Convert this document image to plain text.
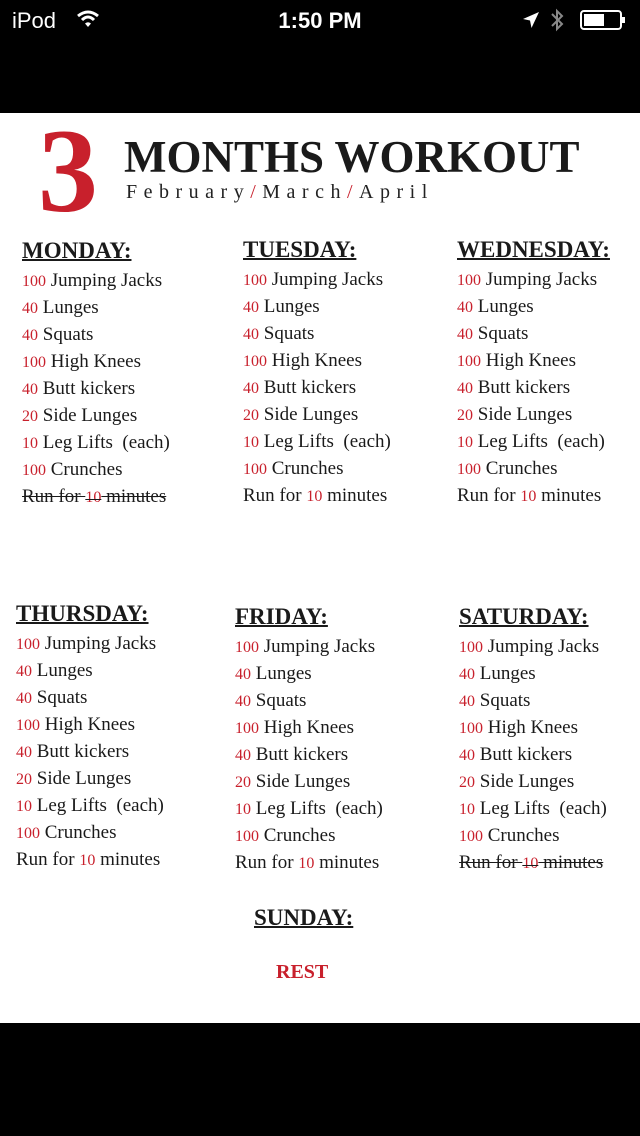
iPod	1:50 PM
3 MONTHS WORKOUT
February/March/April
MONDAY:
100 Jumping Jacks
40 Lunges
40 Squats
100 High Knees
40 Butt kickers
20 Side Lunges
10 Leg Lifts  (each)
100 Crunches
Run for 10 minutes
TUESDAY:
100 Jumping Jacks
40 Lunges
40 Squats
100 High Knees
40 Butt kickers
20 Side Lunges
10 Leg Lifts  (each)
100 Crunches
Run for 10 minutes
WEDNESDAY:
100 Jumping Jacks
40 Lunges
40 Squats
100 High Knees
40 Butt kickers
20 Side Lunges
10 Leg Lifts  (each)
100 Crunches
Run for 10 minutes
THURSDAY:
100 Jumping Jacks
40 Lunges
40 Squats
100 High Knees
40 Butt kickers
20 Side Lunges
10 Leg Lifts  (each)
100 Crunches
Run for 10 minutes
FRIDAY:
100 Jumping Jacks
40 Lunges
40 Squats
100 High Knees
40 Butt kickers
20 Side Lunges
10 Leg Lifts  (each)
100 Crunches
Run for 10 minutes
SATURDAY:
100 Jumping Jacks
40 Lunges
40 Squats
100 High Knees
40 Butt kickers
20 Side Lunges
10 Leg Lifts  (each)
100 Crunches
Run for 10 minutes
SUNDAY:
REST
